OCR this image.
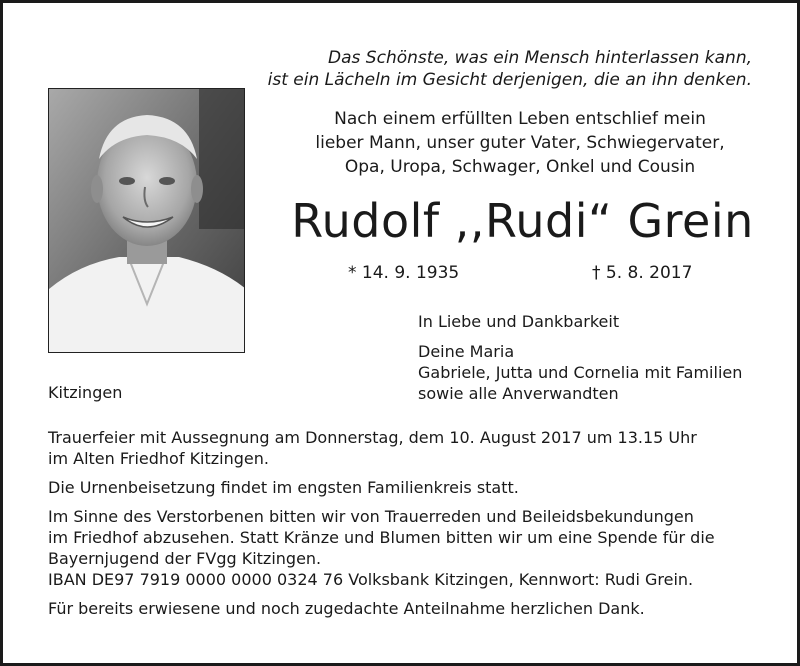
Das Schönste, was ein Mensch hinterlassen kann,
ist ein Lächeln im Gesicht derjenigen, die an ihn denken.
Nach einem erfüllten Leben entschlief mein
lieber Mann, unser guter Vater, Schwiegervater,
Opa, Uropa, Schwager, Onkel und Cousin
Rudolf ,,Rudi“ Grein
* 14. 9. 1935	† 5. 8. 2017
In Liebe und Dankbarkeit
Deine Maria
Gabriele, Jutta und Cornelia mit Familien
sowie alle Anverwandten
Kitzingen
Trauerfeier mit Aussegnung am Donnerstag, dem 10. August 2017 um 13.15 Uhr
im Alten Friedhof Kitzingen.
Die Urnenbeisetzung findet im engsten Familienkreis statt.
Im Sinne des Verstorbenen bitten wir von Trauerreden und Beileidsbekundungen
im Friedhof abzusehen. Statt Kränze und Blumen bitten wir um eine Spende für die
Bayernjugend der FVgg Kitzingen.
IBAN DE97 7919 0000 0000 0324 76 Volksbank Kitzingen, Kennwort: Rudi Grein.
Für bereits erwiesene und noch zugedachte Anteilnahme herzlichen Dank.
